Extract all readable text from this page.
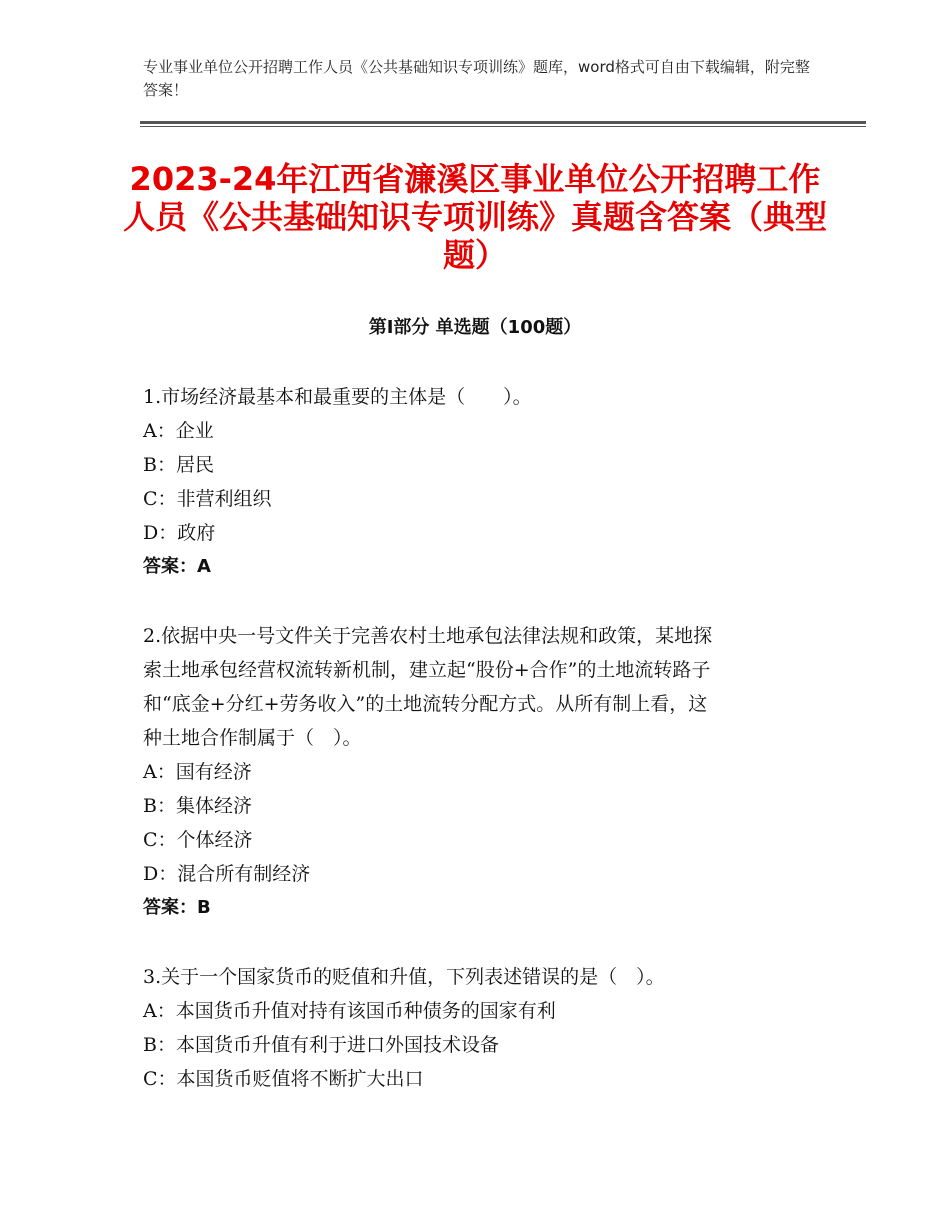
专业事业单位公开招聘工作人员《公共基础知识专项训练》题库，word格式可自由下载编辑，附完整答案！
2023-24年江西省濂溪区事业单位公开招聘工作人员《公共基础知识专项训练》真题含答案（典型题）
第Ⅰ部分 单选题（100题）
1.市场经济最基本和最重要的主体是（　　）。
A：企业
B：居民
C：非营利组织
D：政府
答案：A
2.依据中央一号文件关于完善农村土地承包法律法规和政策，某地探
索土地承包经营权流转新机制，建立起“股份+合作”的土地流转路子
和“底金+分红+劳务收入”的土地流转分配方式。从所有制上看，这
种土地合作制属于（　）。
A：国有经济
B：集体经济
C：个体经济
D：混合所有制经济
答案：B
3.关于一个国家货币的贬值和升值，下列表述错误的是（　）。
A：本国货币升值对持有该国币种债务的国家有利
B：本国货币升值有利于进口外国技术设备
C：本国货币贬值将不断扩大出口
